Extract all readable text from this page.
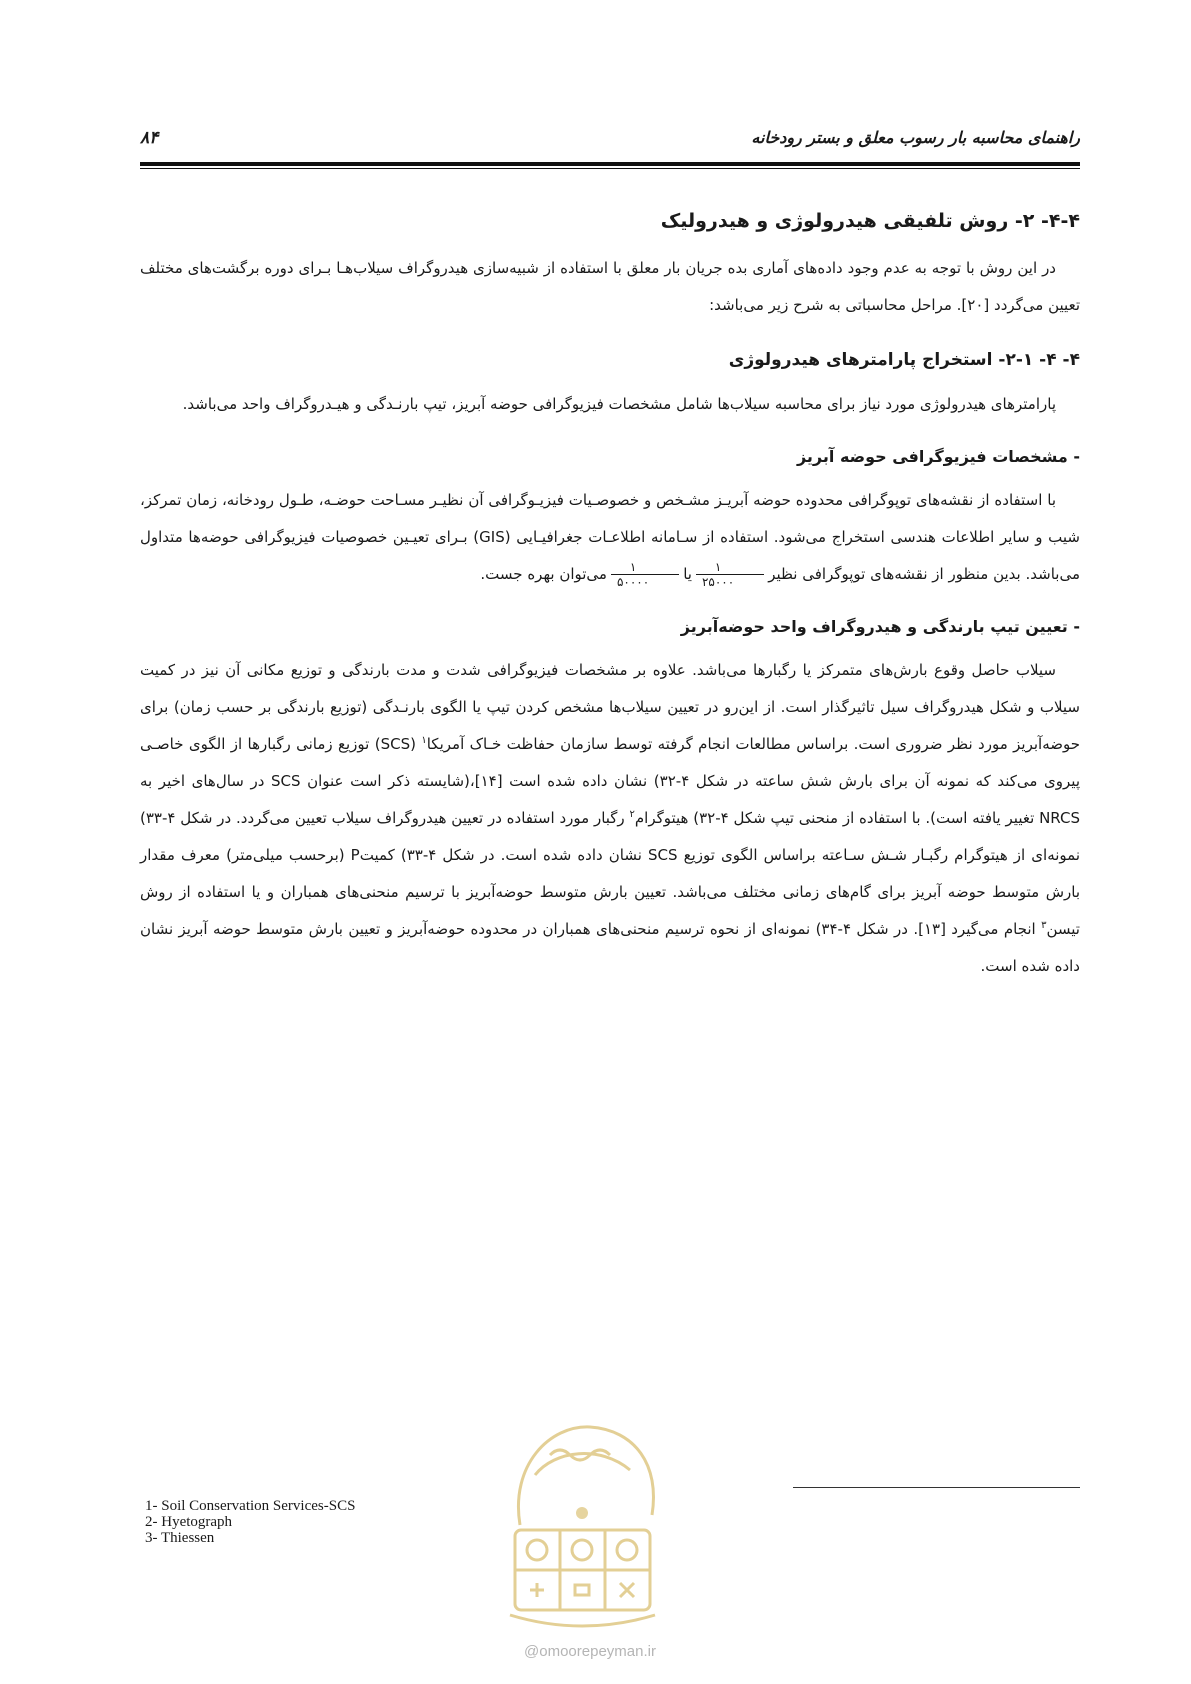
۸۴	راهنمای محاسبه بار رسوب معلق و بستر رودخانه
۴-۴- ۲- روش تلفیقی هیدرولوژی و هیدرولیک

در این روش با توجه به عدم وجود داده‌های آماری بده جریان بار معلق با استفاده از شبیه‌سازی هیدروگراف سیلاب‌هـا بـرای دوره برگشت‌های مختلف تعیین می‌گردد [۲۰]. مراحل محاسباتی به شرح زیر می‌باشد:

۴- ۴- ۲-۱- استخراج پارامترهای هیدرولوژی

پارامترهای هیدرولوژی مورد نیاز برای محاسبه سیلاب‌ها شامل مشخصات فیزیوگرافی حوضه آبریز، تیپ بارنـدگی و هیـدروگراف واحد می‌باشد.

- مشخصات فیزیوگرافی حوضه آبریز

با استفاده از نقشه‌های توپوگرافی محدوده حوضه آبریـز مشـخص و خصوصـیات فیزیـوگرافی آن نظیـر مسـاحت حوضـه، طـول رودخانه، زمان تمرکز، شیب و سایر اطلاعات هندسی استخراج می‌شود. استفاده از سـامانه اطلاعـات جغرافیـایی (GIS) بـرای تعیـین خصوصیات فیزیوگرافی حوضه‌ها متداول می‌باشد. بدین منظور از نقشه‌های توپوگرافی نظیر
$\frac{۱}{۲۵۰۰۰}$
یا
$\frac{۱}{۵۰۰۰۰}$
می‌توان بهره جست.

- تعیین تیپ بارندگی و هیدروگراف واحد حوضه‌آبریز

سیلاب حاصل وقوع بارش‌های متمرکز یا رگبارها می‌باشد. علاوه بر مشخصات فیزیوگرافی شدت و مدت بارندگی و توزیع مکانی آن نیز در کمیت سیلاب و شکل هیدروگراف سیل تاثیرگذار است. از این‌رو در تعیین سیلاب‌ها مشخص کردن تیپ یا الگوی بارنـدگی (توزیع بارندگی بر حسب زمان) برای حوضه‌آبریز مورد نظر ضروری است. براساس مطالعات انجام گرفته توسط سازمان حفاظت خـاک آمریکا$^۱$ (SCS) توزیع زمانی رگبارها از الگوی خاصـی پیروی می‌کند که نمونه آن برای بارش شش ساعته در شکل ۴-۳۲) نشان داده شده است [۱۴]،(شایسته ذکر است عنوان SCS در سال‌های اخیر به NRCS تغییر یافته است). با استفاده از منحنی تیپ شکل ۴-۳۲) هیتوگرام$^۲$ رگبار مورد استفاده در تعیین هیدروگراف سیلاب تعیین می‌گردد. در شکل ۴-۳۳) نمونه‌ای از هیتوگرام رگبـار شـش سـاعته براساس الگوی توزیع SCS نشان داده شده است. در شکل ۴-۳۳) کمیتP (برحسب میلی‌متر) معرف مقدار بارش متوسط حوضه آبریز برای گام‌های زمانی مختلف می‌باشد. تعیین بارش متوسط حوضه‌آبریز با ترسیم منحنی‌های همباران و یا استفاده از روش تیسن$^۳$ انجام می‌گیرد [۱۳]. در شکل ۴-۳۴) نمونه‌ای از نحوه ترسیم منحنی‌های همباران در محدوده حوضه‌آبریز و تعیین بارش متوسط حوضه آبریز نشان داده شده است.

1- Soil Conservation Services-SCS
2- Hyetograph
3- Thiessen
@omoorepeyman.ir
